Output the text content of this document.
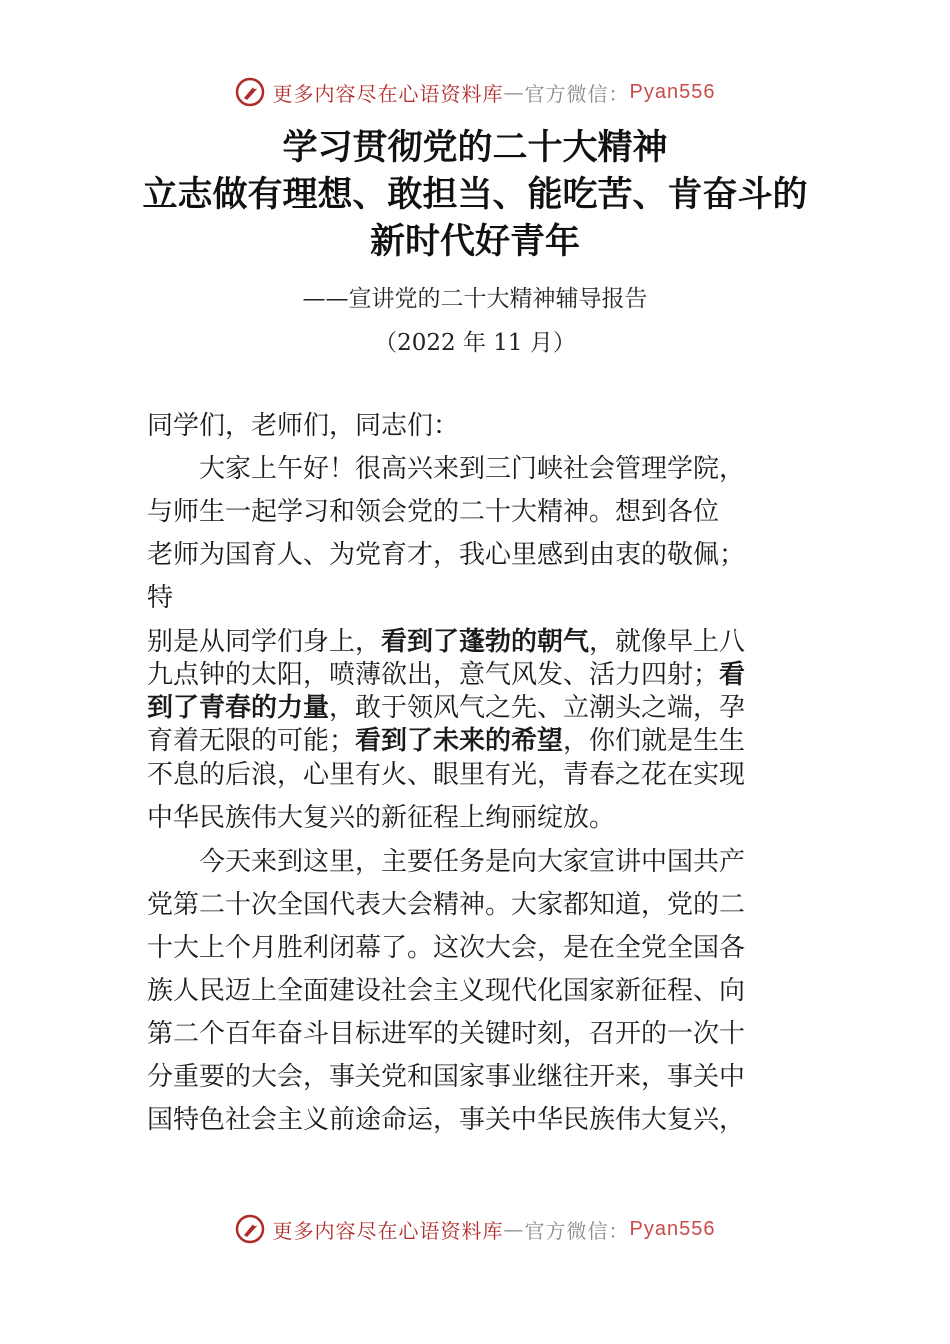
更多内容尽在心语资料库 — 官方微信： Pyan556
学习贯彻党的二十大精神
立志做有理想、敢担当、能吃苦、肯奋斗的
新时代好青年
——宣讲党的二十大精神辅导报告
（2022 年 11 月）

同学们，老师们，同志们：

大家上午好！很高兴来到三门峡社会管理学院，

与师生一起学习和领会党的二十大精神。想到各位

老师为国育人、为党育才，我心里感到由衷的敬佩；

特

别是从同学们身上，看到了蓬勃的朝气，就像早上八

九点钟的太阳，喷薄欲出，意气风发、活力四射；看

到了青春的力量，敢于领风气之先、立潮头之端，孕

育着无限的可能；看到了未来的希望，你们就是生生

不息的后浪，心里有火、眼里有光，青春之花在实现

中华民族伟大复兴的新征程上绚丽绽放。

今天来到这里，主要任务是向大家宣讲中国共产

党第二十次全国代表大会精神。大家都知道，党的二

十大上个月胜利闭幕了。这次大会，是在全党全国各

族人民迈上全面建设社会主义现代化国家新征程、向

第二个百年奋斗目标进军的关键时刻，召开的一次十

分重要的大会，事关党和国家事业继往开来，事关中

国特色社会主义前途命运，事关中华民族伟大复兴，

更多内容尽在心语资料库 — 官方微信： Pyan556
